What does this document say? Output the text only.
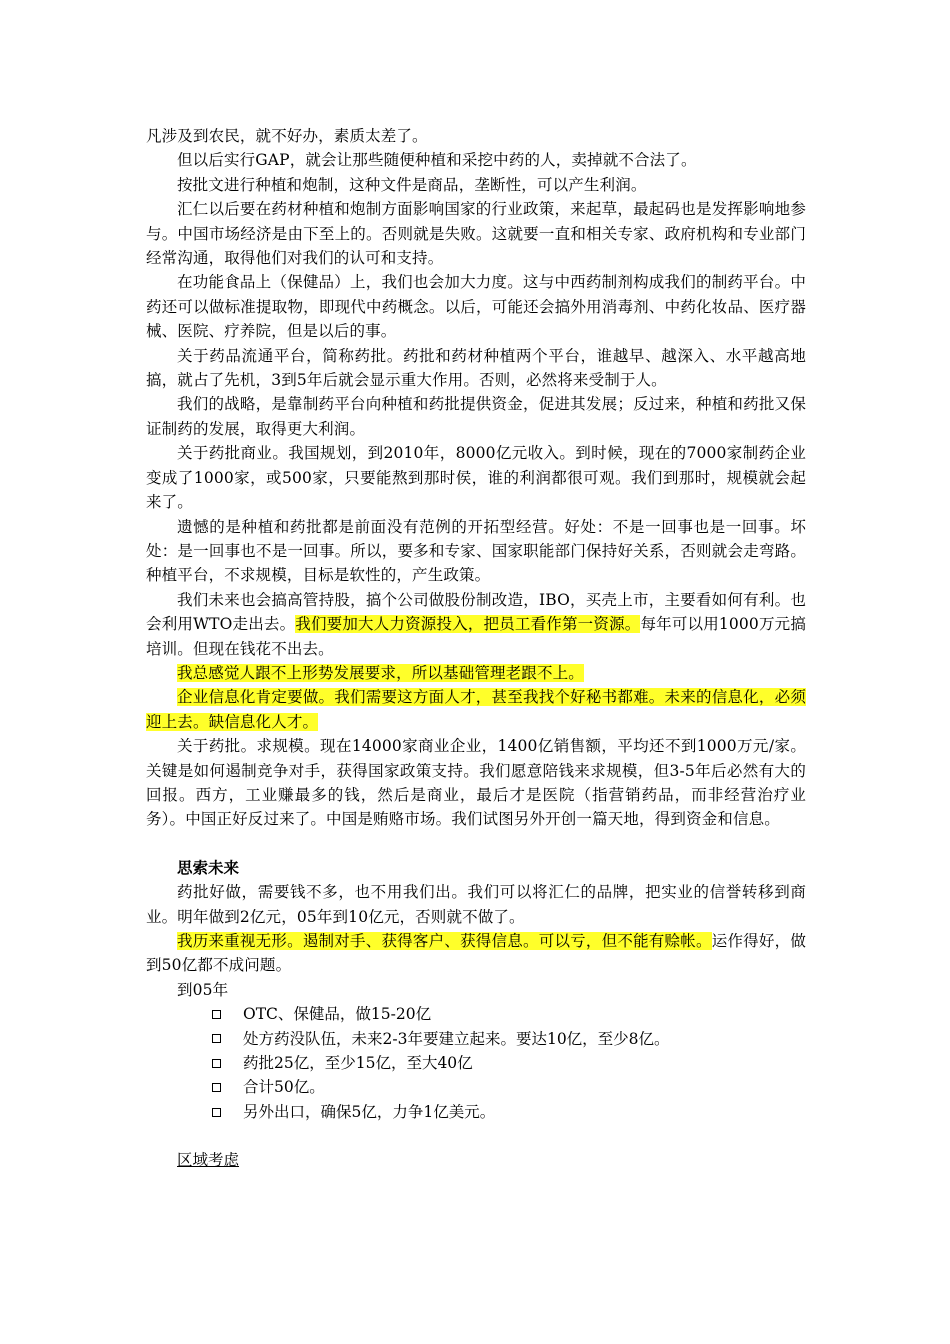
凡涉及到农民，就不好办，素质太差了。

但以后实行GAP，就会让那些随便种植和采挖中药的人，卖掉就不合法了。

按批文进行种植和炮制，这种文件是商品，垄断性，可以产生利润。

汇仁以后要在药材种植和炮制方面影响国家的行业政策，来起草，最起码也是发挥影响地参与。中国市场经济是由下至上的。否则就是失败。这就要一直和相关专家、政府机构和专业部门经常沟通，取得他们对我们的认可和支持。

在功能食品上（保健品）上，我们也会加大力度。这与中西药制剂构成我们的制药平台。中药还可以做标准提取物，即现代中药概念。以后，可能还会搞外用消毒剂、中药化妆品、医疗器械、医院、疗养院，但是以后的事。

关于药品流通平台，简称药批。药批和药材种植两个平台，谁越早、越深入、水平越高地搞，就占了先机，3到5年后就会显示重大作用。否则，必然将来受制于人。

我们的战略，是靠制药平台向种植和药批提供资金，促进其发展；反过来，种植和药批又保证制药的发展，取得更大利润。

关于药批商业。我国规划，到2010年，8000亿元收入。到时候，现在的7000家制药企业变成了1000家，或500家，只要能熬到那时侯，谁的利润都很可观。我们到那时，规模就会起来了。

遗憾的是种植和药批都是前面没有范例的开拓型经营。好处：不是一回事也是一回事。坏处：是一回事也不是一回事。所以，要多和专家、国家职能部门保持好关系，否则就会走弯路。种植平台，不求规模，目标是软性的，产生政策。

我们未来也会搞高管持股，搞个公司做股份制改造，IBO，买壳上市，主要看如何有利。也会利用WTO走出去。我们要加大人力资源投入，把员工看作第一资源。每年可以用1000万元搞培训。但现在钱花不出去。

我总感觉人跟不上形势发展要求，所以基础管理老跟不上。

企业信息化肯定要做。我们需要这方面人才，甚至我找个好秘书都难。未来的信息化，必须迎上去。缺信息化人才。

关于药批。求规模。现在14000家商业企业，1400亿销售额，平均还不到1000万元/家。关键是如何遏制竞争对手，获得国家政策支持。我们愿意陪钱来求规模，但3-5年后必然有大的回报。西方，工业赚最多的钱，然后是商业，最后才是医院（指营销药品，而非经营治疗业务）。中国正好反过来了。中国是贿赂市场。我们试图另外开创一篇天地，得到资金和信息。

思索未来

药批好做，需要钱不多，也不用我们出。我们可以将汇仁的品牌，把实业的信誉转移到商业。明年做到2亿元，05年到10亿元，否则就不做了。

我历来重视无形。遏制对手、获得客户、获得信息。可以亏，但不能有赊帐。运作得好，做到50亿都不成问题。

到05年

OTC、保健品，做15-20亿
处方药没队伍，未来2-3年要建立起来。要达10亿，至少8亿。
药批25亿，至少15亿，至大40亿
合计50亿。
另外出口，确保5亿，力争1亿美元。
区域考虑
